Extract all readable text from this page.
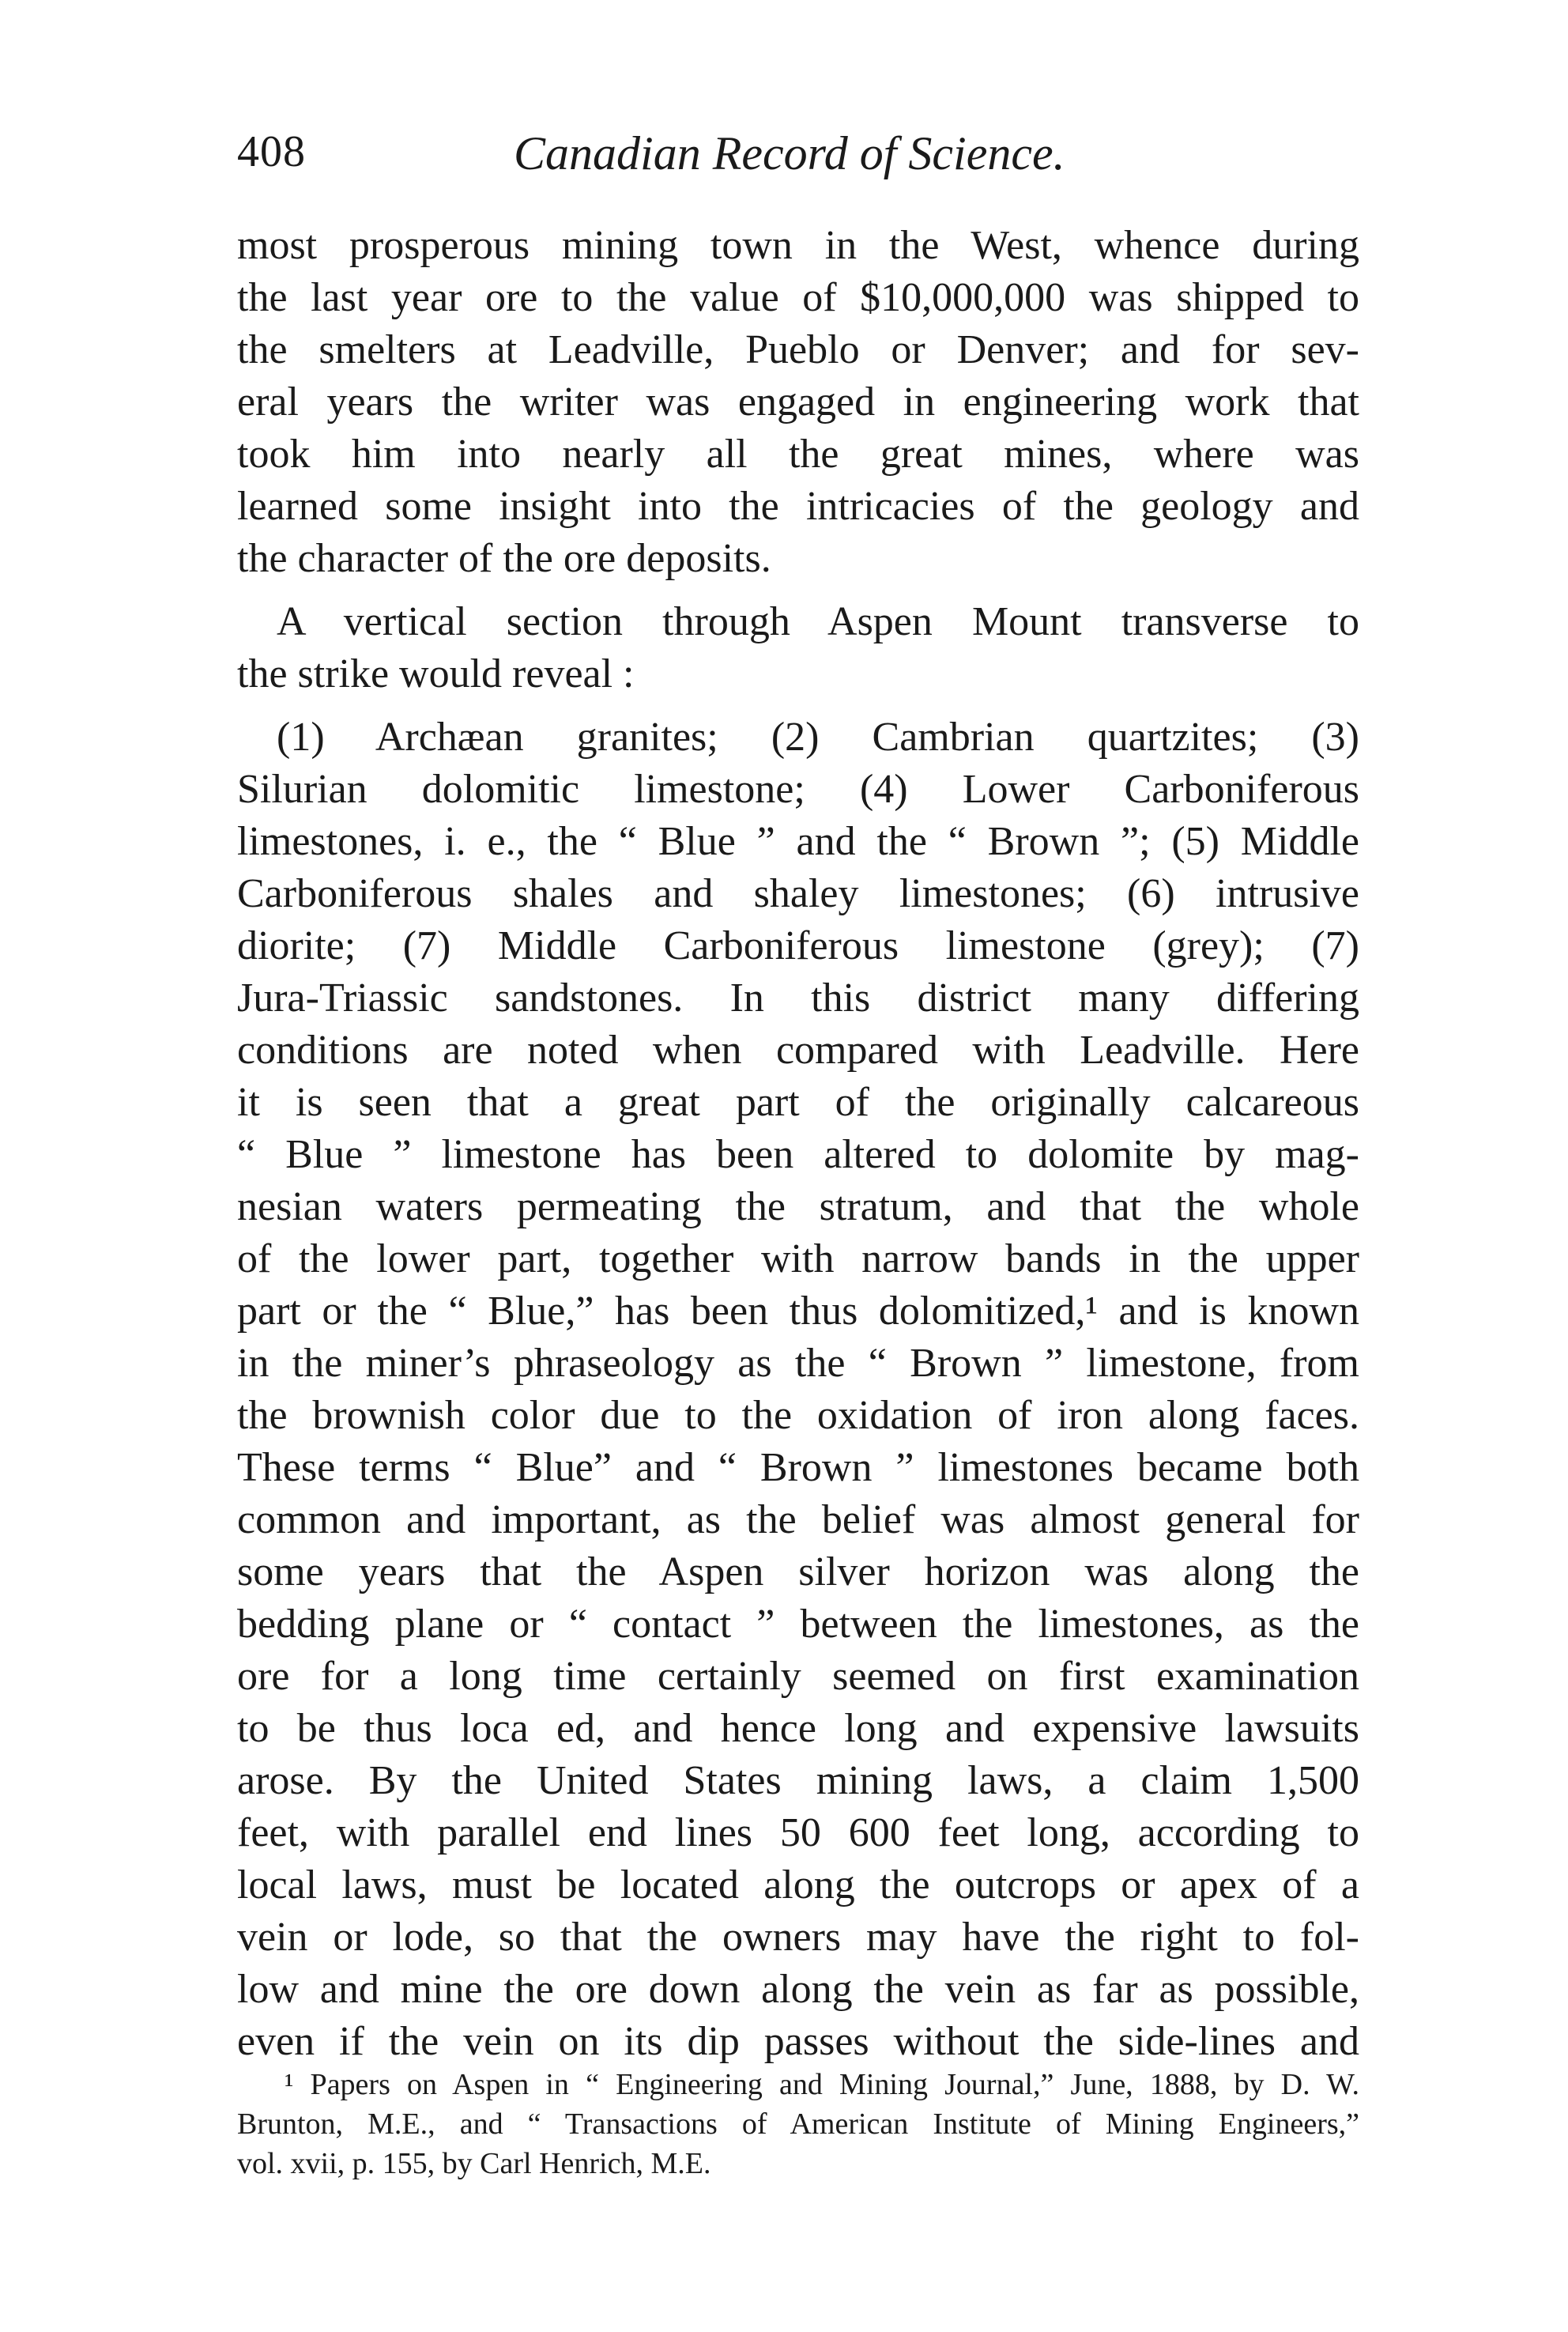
408	Canadian Record of Science.
most prosperous mining town in the West, whence during
the last year ore to the value of $10,000,000 was shipped to
the smelters at Leadville, Pueblo or Denver; and for sev-
eral years the writer was engaged in engineering work that
took him into nearly all the great mines, where was
learned some insight into the intricacies of the geology and
the character of the ore deposits.
A vertical section through Aspen Mount transverse to
the strike would reveal :
(1) Archæan granites; (2) Cambrian quartzites; (3)
Silurian dolomitic limestone; (4) Lower Carboniferous
limestones, i. e., the “ Blue ” and the “ Brown ”; (5) Middle
Carboniferous shales and shaley limestones; (6) intrusive
diorite; (7) Middle Carboniferous limestone (grey); (7)
Jura-Triassic sandstones. In this district many differing
conditions are noted when compared with Leadville. Here
it is seen that a great part of the originally calcareous
“ Blue ” limestone has been altered to dolomite by mag-
nesian waters permeating the stratum, and that the whole
of the lower part, together with narrow bands in the upper
part or the “ Blue,” has been thus dolomitized,¹ and is known
in the miner’s phraseology as the “ Brown ” limestone, from
the brownish color due to the oxidation of iron along faces.
These terms “ Blue” and “ Brown ” limestones became both
common and important, as the belief was almost general for
some years that the Aspen silver horizon was along the
bedding plane or “ contact ” between the limestones, as the
ore for a long time certainly seemed on first examination
to be thus loca ed, and hence long and expensive lawsuits
arose. By the United States mining laws, a claim 1,500
feet, with parallel end lines 50 600 feet long, according to
local laws, must be located along the outcrops or apex of a
vein or lode, so that the owners may have the right to fol-
low and mine the ore down along the vein as far as possible,
even if the vein on its dip passes without the side-lines and
¹ Papers on Aspen in “ Engineering and Mining Journal,” June, 1888, by D. W.
Brunton, M.E., and “ Transactions of American Institute of Mining Engineers,”
vol. xvii, p. 155, by Carl Henrich, M.E.
